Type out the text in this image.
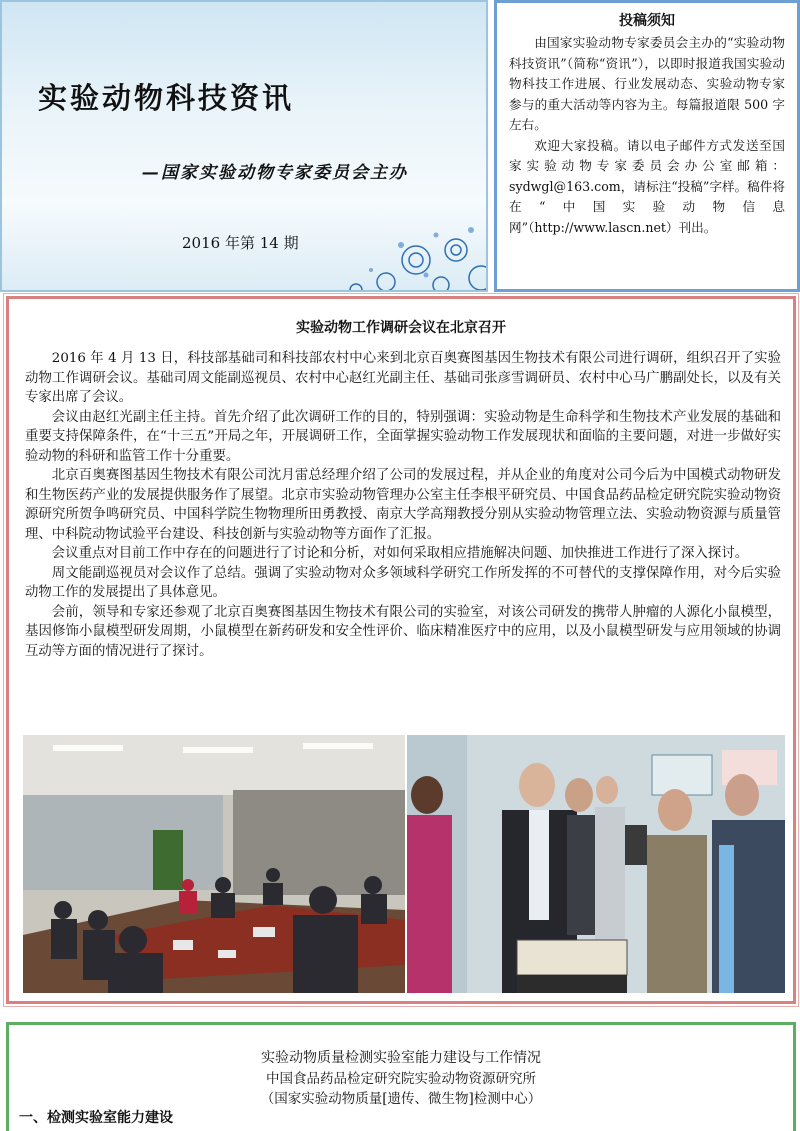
实验动物科技资讯
—国家实验动物专家委员会主办
2016 年第 14 期
投稿须知

由国家实验动物专家委员会主办的“实验动物科技资讯”（简称“资讯”），以即时报道我国实验动物科技工作进展、行业发展动态、实验动物专家参与的重大活动等内容为主。每篇报道限 500 字左右。

欢迎大家投稿。请以电子邮件方式发送至国家实验动物专家委员会办公室邮箱：sydwgl@163.com，请标注“投稿”字样。稿件将在“中国实验动物信息网”（http://www.lascn.net）刊出。

实验动物工作调研会议在北京召开

2016 年 4 月 13 日，科技部基础司和科技部农村中心来到北京百奥赛图基因生物技术有限公司进行调研，组织召开了实验动物工作调研会议。基础司周文能副巡视员、农村中心赵红光副主任、基础司张彦雪调研员、农村中心马广鹏副处长，以及有关专家出席了会议。

会议由赵红光副主任主持。首先介绍了此次调研工作的目的，特别强调：实验动物是生命科学和生物技术产业发展的基础和重要支持保障条件，在“十三五”开局之年，开展调研工作，全面掌握实验动物工作发展现状和面临的主要问题，对进一步做好实验动物的科研和监管工作十分重要。

北京百奥赛图基因生物技术有限公司沈月雷总经理介绍了公司的发展过程，并从企业的角度对公司今后为中国模式动物研发和生物医药产业的发展提供服务作了展望。北京市实验动物管理办公室主任李根平研究员、中国食品药品检定研究院实验动物资源研究所贺争鸣研究员、中国科学院生物物理所田勇教授、南京大学高翔教授分别从实验动物管理立法、实验动物资源与质量管理、中科院动物试验平台建设、科技创新与实验动物等方面作了汇报。

会议重点对目前工作中存在的问题进行了讨论和分析，对如何采取相应措施解决问题、加快推进工作进行了深入探讨。

周文能副巡视员对会议作了总结。强调了实验动物对众多领域科学研究工作所发挥的不可替代的支撑保障作用，对今后实验动物工作的发展提出了具体意见。

会前，领导和专家还参观了北京百奥赛图基因生物技术有限公司的实验室，对该公司研发的携带人肿瘤的人源化小鼠模型，基因修饰小鼠模型研发周期，小鼠模型在新药研发和安全性评价、临床精准医疗中的应用，以及小鼠模型研发与应用领域的协调互动等方面的情况进行了探讨。

实验动物质量检测实验室能力建设与工作情况
中国食品药品检定研究院实验动物资源研究所
（国家实验动物质量[遗传、微生物]检测中心）
一、检测实验室能力建设
